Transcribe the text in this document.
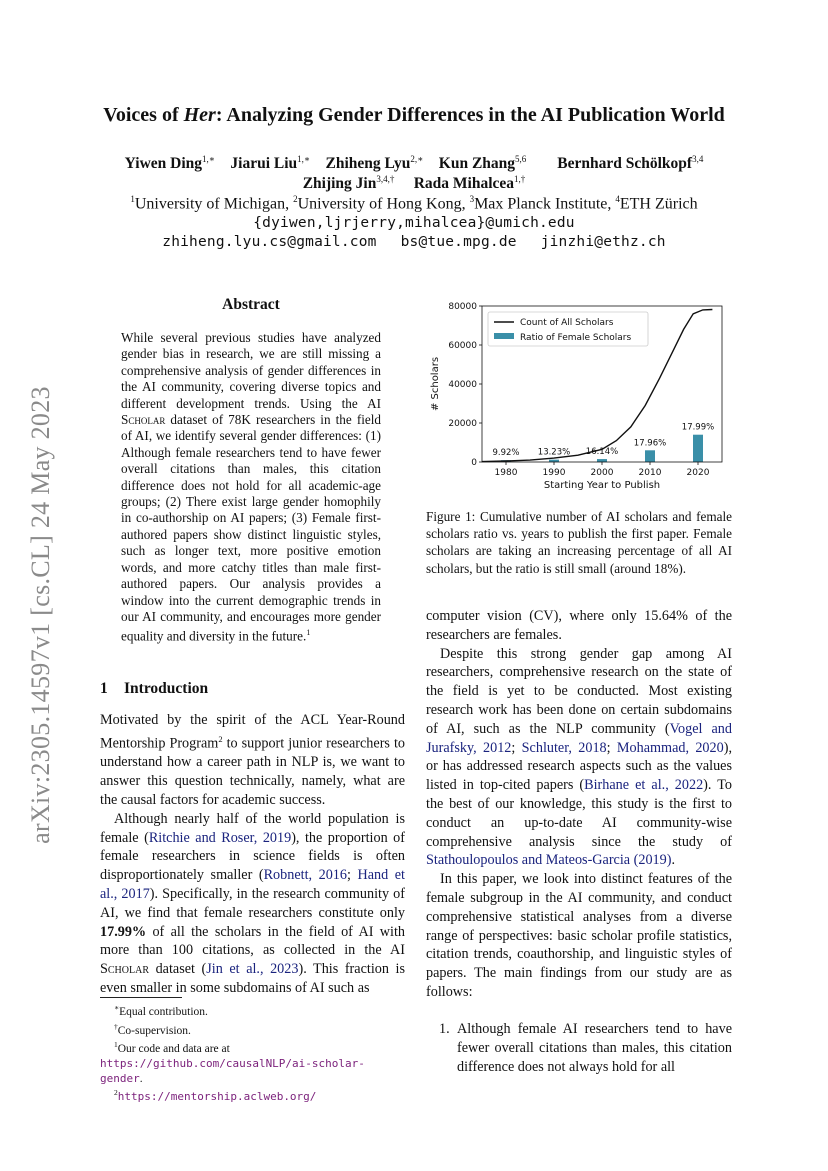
arXiv:2305.14597v1 [cs.CL] 24 May 2023
Voices of Her: Analyzing Gender Differences in the AI Publication World
Yiwen Ding$^{1,∗}$ Jiarui Liu$^{1,∗}$ Zhiheng Lyu$^{2,∗}$ Kun Zhang$^{5,6}$ Bernhard Schölkopf$^{3,4}$
Zhijing Jin$^{3,4,\dagger}$ Rada Mihalcea$^{1,\dagger}$
$^1$University of Michigan, $^2$University of Hong Kong, $^3$Max Planck Institute, $^4$ETH Zürich
{dyiwen,ljrjerry,mihalcea}@umich.edu
zhiheng.lyu.cs@gmail.com bs@tue.mpg.de jinzhi@ethz.ch
Abstract
While several previous studies have analyzed gender bias in research, we are still missing a comprehensive analysis of gender differences in the AI community, covering diverse topics and different development trends. Using the AI Scholar dataset of 78K researchers in the field of AI, we identify several gender differences: (1) Although female researchers tend to have fewer overall citations than males, this citation difference does not hold for all academic-age groups; (2) There exist large gender homophily in co-authorship on AI papers; (3) Female first-authored papers show distinct linguistic styles, such as longer text, more positive emotion words, and more catchy titles than male first-authored papers. Our analysis provides a window into the current demographic trends in our AI community, and encourages more gender equality and diversity in the future.$^1$
1 Introduction

Motivated by the spirit of the ACL Year-Round Mentorship Program$^2$ to support junior researchers to understand how a career path in NLP is, we want to answer this question technically, namely, what are the causal factors for academic success.

Although nearly half of the world population is female (Ritchie and Roser, 2019), the proportion of female researchers in science fields is often disproportionately smaller (Robnett, 2016; Hand et al., 2017). Specifically, in the research community of AI, we find that female researchers constitute only 17.99% of all the scholars in the field of AI with more than 100 citations, as collected in the AI Scholar dataset (Jin et al., 2023). This fraction is even smaller in some subdomains of AI such as

∗Equal contribution.
†Co-supervision.
$^1$Our code and data are at https://github.com/causalNLP/ai-scholar-gender.
$^2$https://mentorship.aclweb.org/
9.92% 13.23% 16.14%
17.96%
17.99%
1980	1990	2000	2010	2020
0
20000
40000
60000
80000
Starting Year to Publish
# Scholars
Count of All Scholars
Ratio of Female Scholars
Figure 1: Cumulative number of AI scholars and female scholars ratio vs. years to publish the first paper. Female scholars are taking an increasing percentage of all AI scholars, but the ratio is still small (around 18%).

computer vision (CV), where only 15.64% of the researchers are females.

Despite this strong gender gap among AI researchers, comprehensive research on the state of the field is yet to be conducted. Most existing research work has been done on certain subdomains of AI, such as the NLP community (Vogel and Jurafsky, 2012; Schluter, 2018; Mohammad, 2020), or has addressed research aspects such as the values listed in top-cited papers (Birhane et al., 2022). To the best of our knowledge, this study is the first to conduct an up-to-date AI community-wise comprehensive analysis since the study of Stathoulopoulos and Mateos-Garcia (2019).

In this paper, we look into distinct features of the female subgroup in the AI community, and conduct comprehensive statistical analyses from a diverse range of perspectives: basic scholar profile statistics, citation trends, coauthorship, and linguistic styles of papers. The main findings from our study are as follows:

1. Although female AI researchers tend to have fewer overall citations than males, this citation difference does not always hold for all
